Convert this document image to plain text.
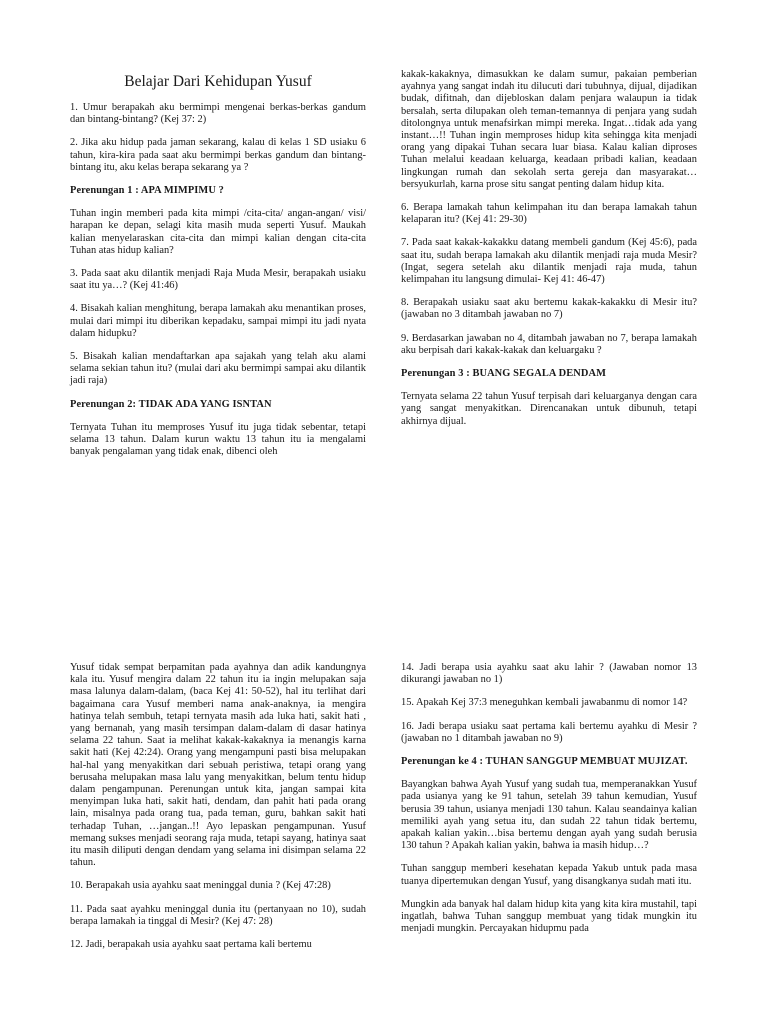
Belajar Dari Kehidupan Yusuf
1. Umur berapakah aku bermimpi mengenai berkas-berkas gandum dan bintang-bintang? (Kej 37: 2)
2. Jika aku hidup pada jaman sekarang, kalau di kelas 1 SD usiaku 6 tahun, kira-kira pada saat aku bermimpi berkas gandum dan bintang-bintang itu, aku kelas berapa sekarang ya ?
Perenungan 1 : APA MIMPIMU ?
Tuhan ingin memberi pada kita mimpi /cita-cita/ angan-angan/ visi/ harapan ke depan, selagi kita masih muda seperti Yusuf. Maukah kalian menyelaraskan cita-cita dan mimpi kalian dengan cita-cita Tuhan atas hidup kalian?
3. Pada saat aku dilantik menjadi Raja Muda Mesir, berapakah usiaku saat itu ya…? (Kej 41:46)
4. Bisakah kalian menghitung, berapa lamakah aku menantikan proses, mulai dari mimpi itu diberikan kepadaku, sampai mimpi itu jadi nyata dalam hidupku?
5. Bisakah kalian mendaftarkan apa sajakah yang telah aku alami selama sekian tahun itu? (mulai dari aku bermimpi sampai aku dilantik jadi raja)
Perenungan 2: TIDAK ADA YANG ISNTAN
Ternyata Tuhan itu memproses Yusuf itu juga tidak sebentar, tetapi selama 13 tahun. Dalam kurun waktu 13 tahun itu ia mengalami banyak pengalaman yang tidak enak, dibenci oleh
kakak-kakaknya, dimasukkan ke dalam sumur, pakaian pemberian ayahnya yang sangat indah itu dilucuti dari tubuhnya, dijual, dijadikan budak, difitnah, dan dijebloskan dalam penjara walaupun ia tidak bersalah, serta dilupakan oleh teman-temannya di penjara yang sudah ditolongnya untuk menafsirkan mimpi mereka. Ingat…tidak ada yang instant…!! Tuhan ingin memproses hidup kita sehingga kita menjadi orang yang dipakai Tuhan secara luar biasa. Kalau kalian diproses Tuhan melalui keadaan keluarga, keadaan pribadi kalian, keadaan lingkungan rumah dan sekolah serta gereja dan masyarakat…bersyukurlah, karna prose situ sangat penting dalam hidup kita.
6. Berapa lamakah tahun kelimpahan itu dan berapa lamakah tahun kelaparan itu? (Kej 41: 29-30)
7. Pada saat kakak-kakakku datang membeli gandum (Kej 45:6), pada saat itu, sudah berapa lamakah aku dilantik menjadi raja muda Mesir? (Ingat, segera setelah aku dilantik menjadi raja muda, tahun kelimpahan itu langsung dimulai- Kej 41: 46-47)
8. Berapakah usiaku saat aku bertemu kakak-kakakku di Mesir itu? (jawaban no 3 ditambah jawaban no 7)
9. Berdasarkan jawaban no 4, ditambah jawaban no 7, berapa lamakah aku berpisah dari kakak-kakak dan keluargaku ?
Perenungan 3 : BUANG SEGALA DENDAM
Ternyata selama 22 tahun Yusuf terpisah dari keluarganya dengan cara yang sangat menyakitkan. Direncanakan untuk dibunuh, tetapi akhirnya dijual.
Yusuf tidak sempat berpamitan pada ayahnya dan adik kandungnya kala itu. Yusuf mengira dalam 22 tahun itu ia ingin melupakan saja masa lalunya dalam-dalam, (baca Kej 41: 50-52), hal itu terlihat dari bagaimana cara Yusuf memberi nama anak-anaknya, ia mengira hatinya telah sembuh, tetapi ternyata masih ada luka hati, sakit hati , yang bernanah, yang masih tersimpan dalam-dalam di dasar hatinya selama 22 tahun. Saat ia melihat kakak-kakaknya ia menangis karna sakit hati (Kej 42:24). Orang yang mengampuni pasti bisa melupakan hal-hal yang menyakitkan dari sebuah peristiwa, tetapi orang yang berusaha melupakan masa lalu yang menyakitkan, belum tentu hidup dalam pengampunan. Perenungan untuk kita, jangan sampai kita menyimpan luka hati, sakit hati, dendam, dan pahit hati pada orang lain, misalnya pada orang tua, pada teman, guru, bahkan sakit hati terhadap Tuhan, …jangan..!! Ayo lepaskan pengampunan. Yusuf memang sukses menjadi seorang raja muda, tetapi sayang, hatinya saat itu masih diliputi dengan dendam yang selama ini disimpan selama 22 tahun.
10. Berapakah usia ayahku saat meninggal dunia ? (Kej 47:28)
11. Pada saat ayahku meninggal dunia itu (pertanyaan no 10), sudah berapa lamakah ia tinggal di Mesir? (Kej 47: 28)
12. Jadi, berapakah usia ayahku saat pertama kali bertemu
14. Jadi berapa usia ayahku saat aku lahir ? (Jawaban nomor 13 dikurangi jawaban no 1)
15. Apakah Kej 37:3 meneguhkan kembali jawabanmu di nomor 14?
16. Jadi berapa usiaku saat pertama kali bertemu ayahku di Mesir ? (jawaban no 1 ditambah jawaban no 9)
Perenungan ke 4 : TUHAN SANGGUP MEMBUAT MUJIZAT.
Bayangkan bahwa Ayah Yusuf yang sudah tua, memperanakkan Yusuf pada usianya yang ke 91 tahun, setelah 39 tahun kemudian, Yusuf berusia 39 tahun, usianya menjadi 130 tahun. Kalau seandainya kalian memiliki ayah yang setua itu, dan sudah 22 tahun tidak bertemu, apakah kalian yakin…bisa bertemu dengan ayah yang sudah berusia 130 tahun ? Apakah kalian yakin, bahwa ia masih hidup…?
Tuhan sanggup memberi kesehatan kepada Yakub untuk pada masa tuanya dipertemukan dengan Yusuf, yang disangkanya sudah mati itu.
Mungkin ada banyak hal dalam hidup kita yang kita kira mustahil, tapi ingatlah, bahwa Tuhan sanggup membuat yang tidak mungkin itu menjadi mungkin. Percayakan hidupmu pada
